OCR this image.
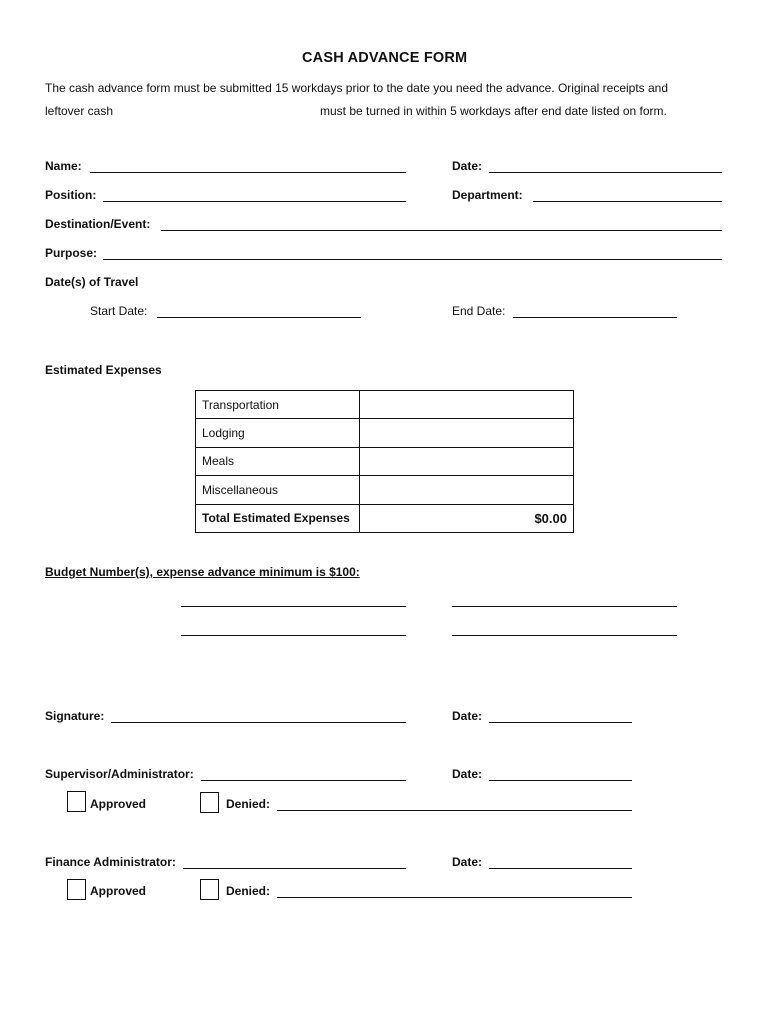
CASH ADVANCE FORM
The cash advance form must be submitted 15 workdays prior to the date you need the advance. Original receipts and
leftover cash	must be turned in within 5 workdays after end date listed on form.
Name:	Date:
Position:	Department:
Destination/Event:
Purpose:
Date(s) of Travel
Start Date:	End Date:
Estimated Expenses
Transportation	
Lodging	
Meals	
Miscellaneous	
Total Estimated Expenses	$0.00
Budget Number(s), expense advance minimum is $100:
Signature:	Date:
Supervisor/Administrator:	Date:
Approved	Denied:
Finance Administrator:	Date:
Approved	Denied:
